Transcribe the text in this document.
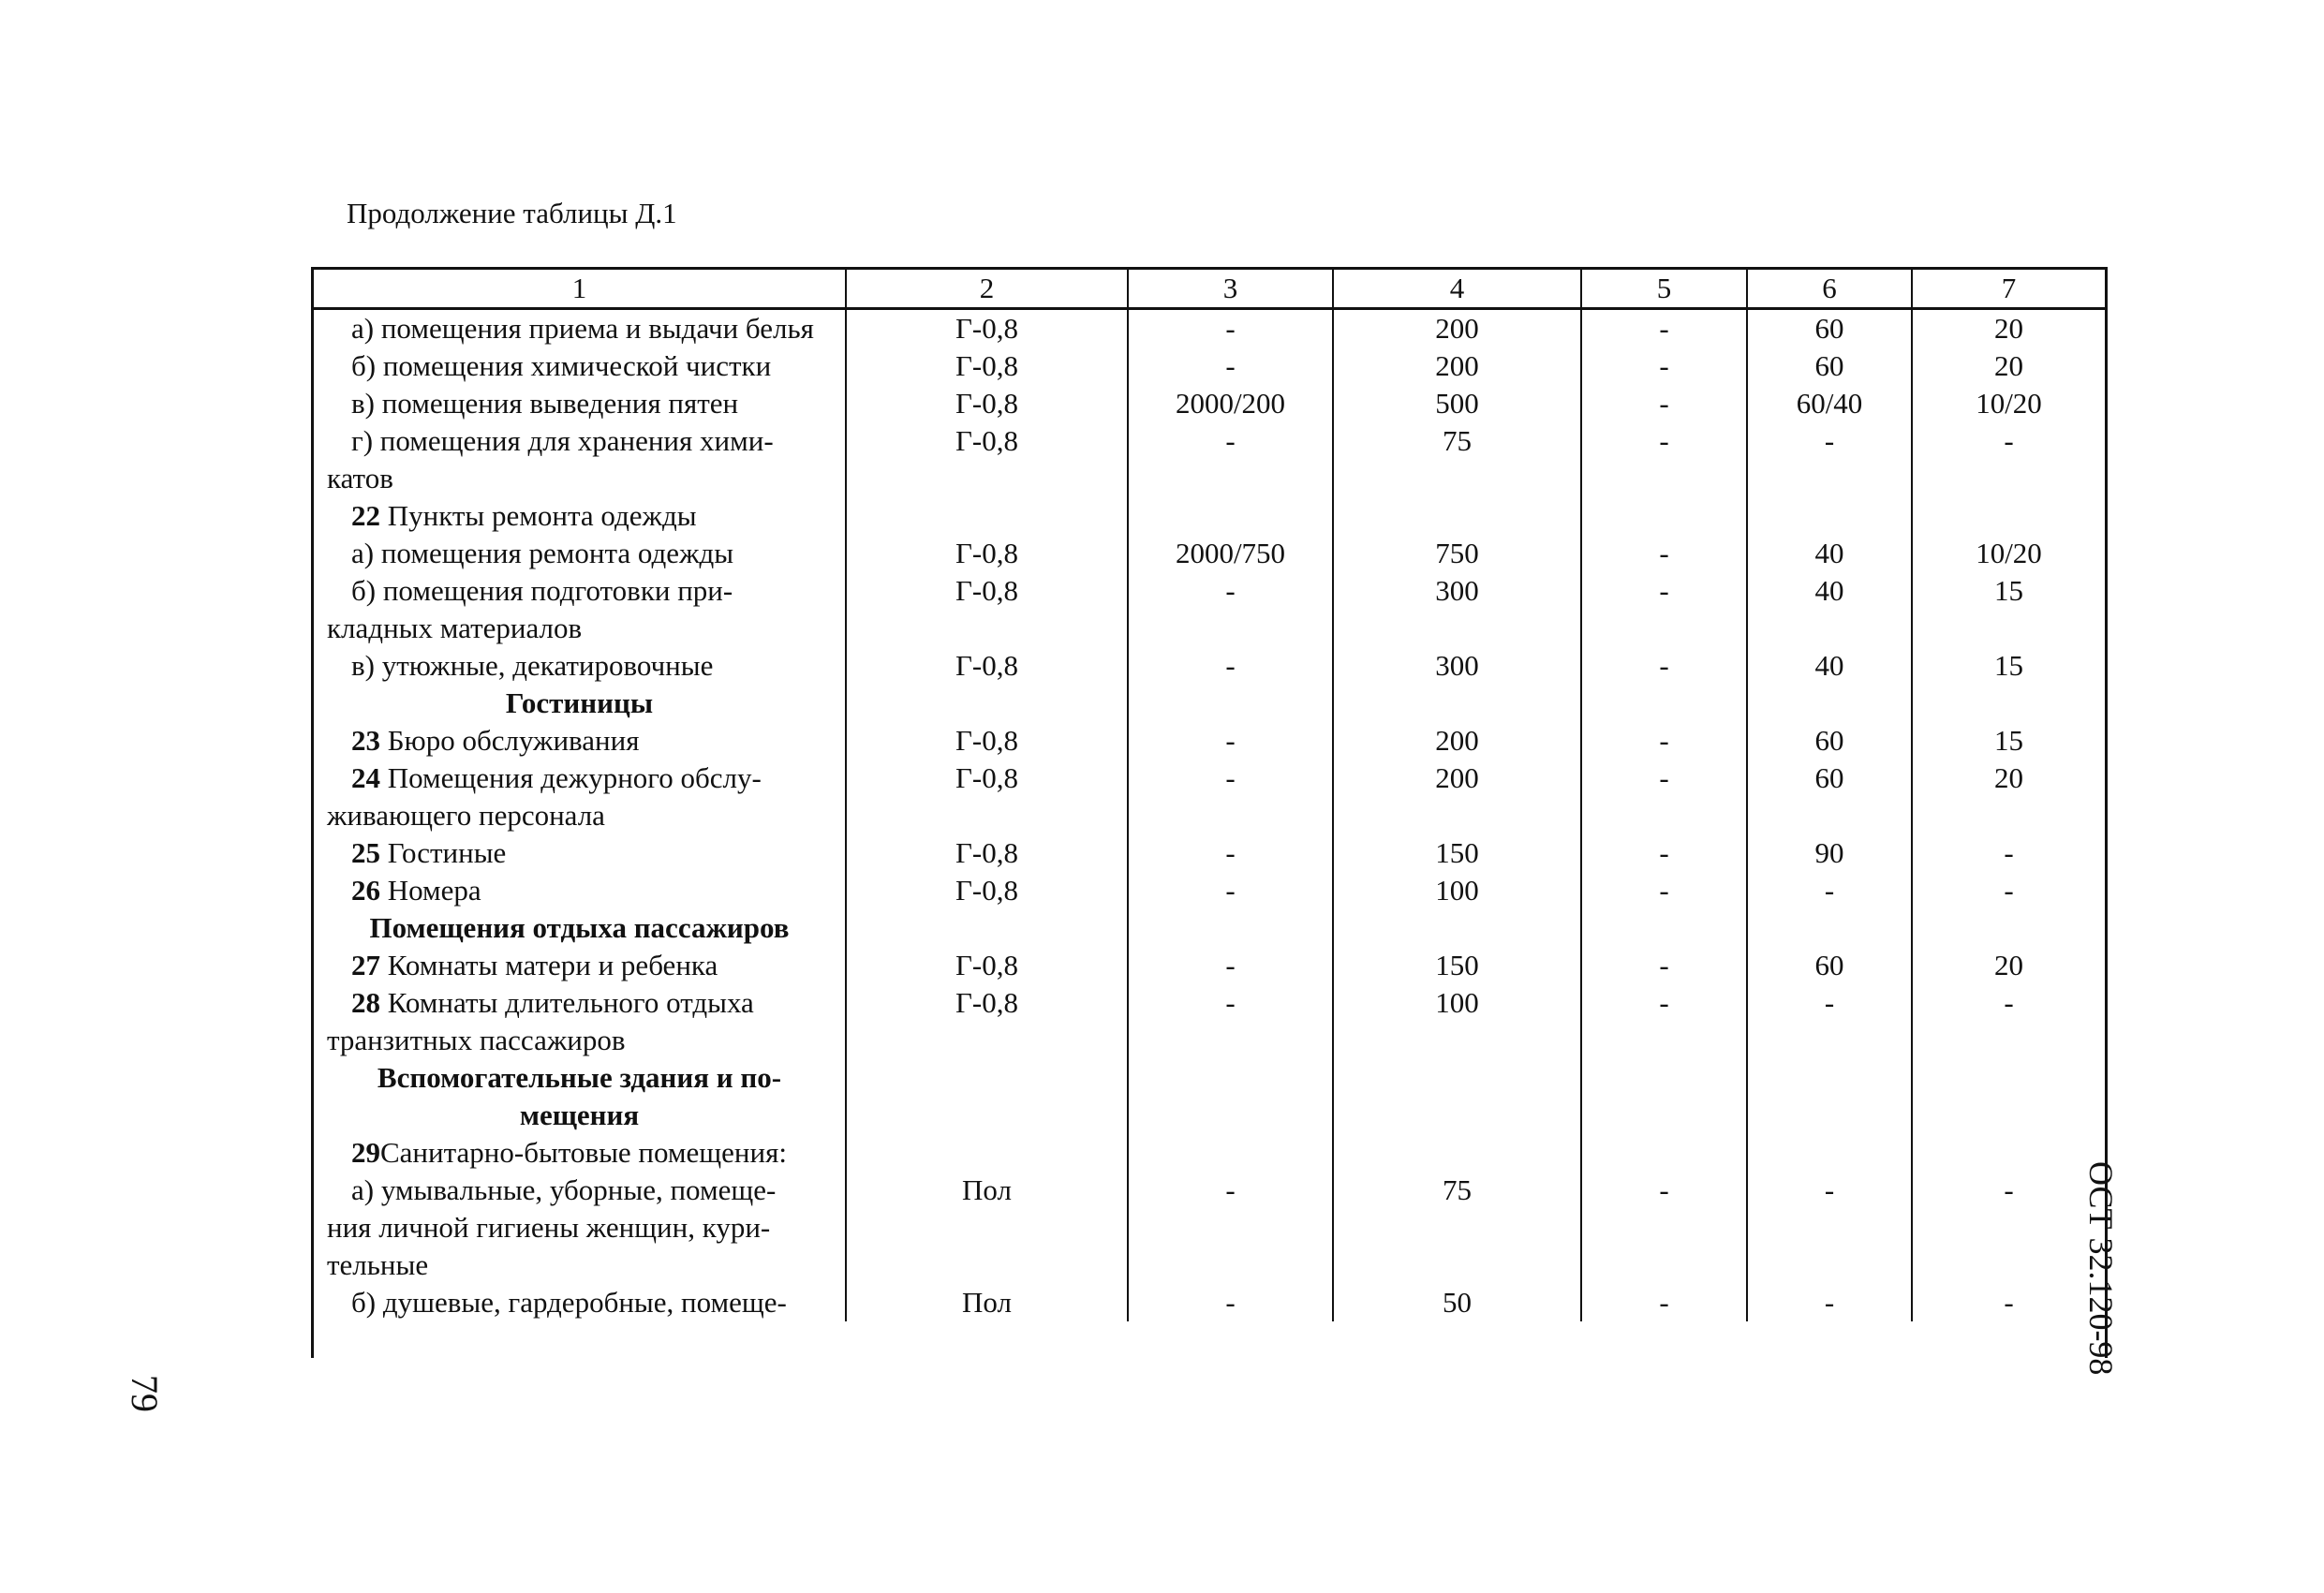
Продолжение таблицы Д.1
1	2	3	4	5	6	7
а) помещения приема и выдачи белья	Г-0,8	-	200	-	60	20
б) помещения химической чистки	Г-0,8	-	200	-	60	20
в) помещения выведения пятен	Г-0,8	2000/200	500	-	60/40	10/20
г) помещения для хранения хими-
катов	Г-0,8	-	75	-	-	-
22 Пункты ремонта одежды						
а) помещения ремонта одежды	Г-0,8	2000/750	750	-	40	10/20
б) помещения подготовки при-
кладных материалов	Г-0,8	-	300	-	40	15
в) утюжные, декатировочные	Г-0,8	-	300	-	40	15
Гостиницы						
23 Бюро обслуживания	Г-0,8	-	200	-	60	15
24 Помещения дежурного обслу-
живающего персонала	Г-0,8	-	200	-	60	20
25 Гостиные	Г-0,8	-	150	-	90	-
26 Номера	Г-0,8	-	100	-	-	-
Помещения отдыха пассажиров						
27 Комнаты матери и ребенка	Г-0,8	-	150	-	60	20
28 Комнаты длительного отдыха
транзитных пассажиров	Г-0,8	-	100	-	-	-
Вспомогательные здания и по-
мещения						
29Санитарно-бытовые помещения:						
а) умывальные, уборные, помеще-
ния личной гигиены женщин, кури-
тельные	Пол	-	75	-	-	-
б) душевые, гардеробные, помеще-	Пол	-	50	-	-	- ОСТ 32.120-98
79
